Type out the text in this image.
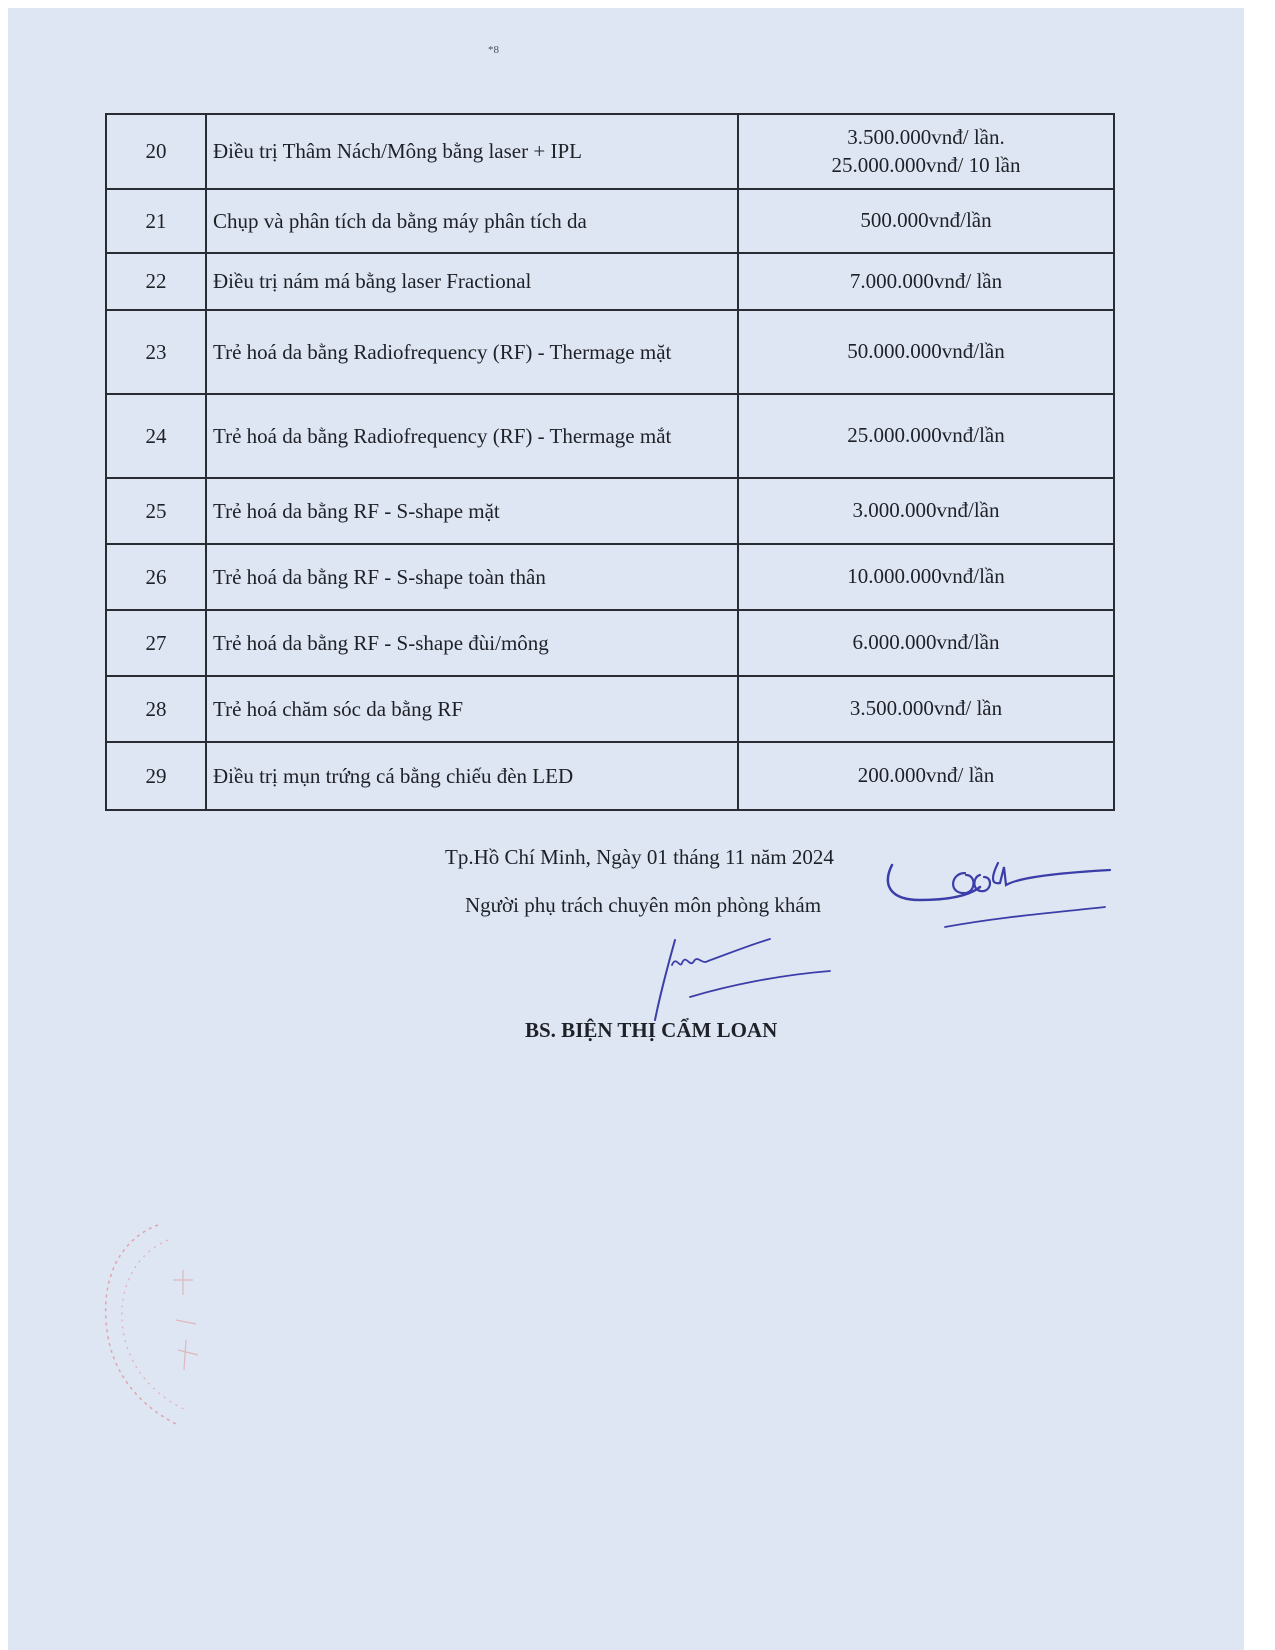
*8
20	Điều trị Thâm Nách/Mông bằng laser + IPL	3.500.000vnđ/ lần.
25.000.000vnđ/ 10 lần

21	Chụp và phân tích da bằng máy phân tích da	500.000vnđ/lần
22	Điều trị nám má bằng laser Fractional	7.000.000vnđ/ lần
23	Trẻ hoá da bằng Radiofrequency (RF) - Thermage mặt	50.000.000vnđ/lần
24	Trẻ hoá da bằng Radiofrequency (RF) - Thermage mắt	25.000.000vnđ/lần
25	Trẻ hoá da bằng RF - S-shape mặt	3.000.000vnđ/lần
26	Trẻ hoá da bằng RF - S-shape toàn thân	10.000.000vnđ/lần
27	Trẻ hoá da bằng RF - S-shape đùi/mông	6.000.000vnđ/lần
28	Trẻ hoá chăm sóc da bằng RF	3.500.000vnđ/ lần
29	Điều trị mụn trứng cá bằng chiếu đèn LED	200.000vnđ/ lần
Tp.Hồ Chí Minh, Ngày 01 tháng 11 năm 2024
Người phụ trách chuyên môn phòng khám
BS. BIỆN THỊ CẨM LOAN
